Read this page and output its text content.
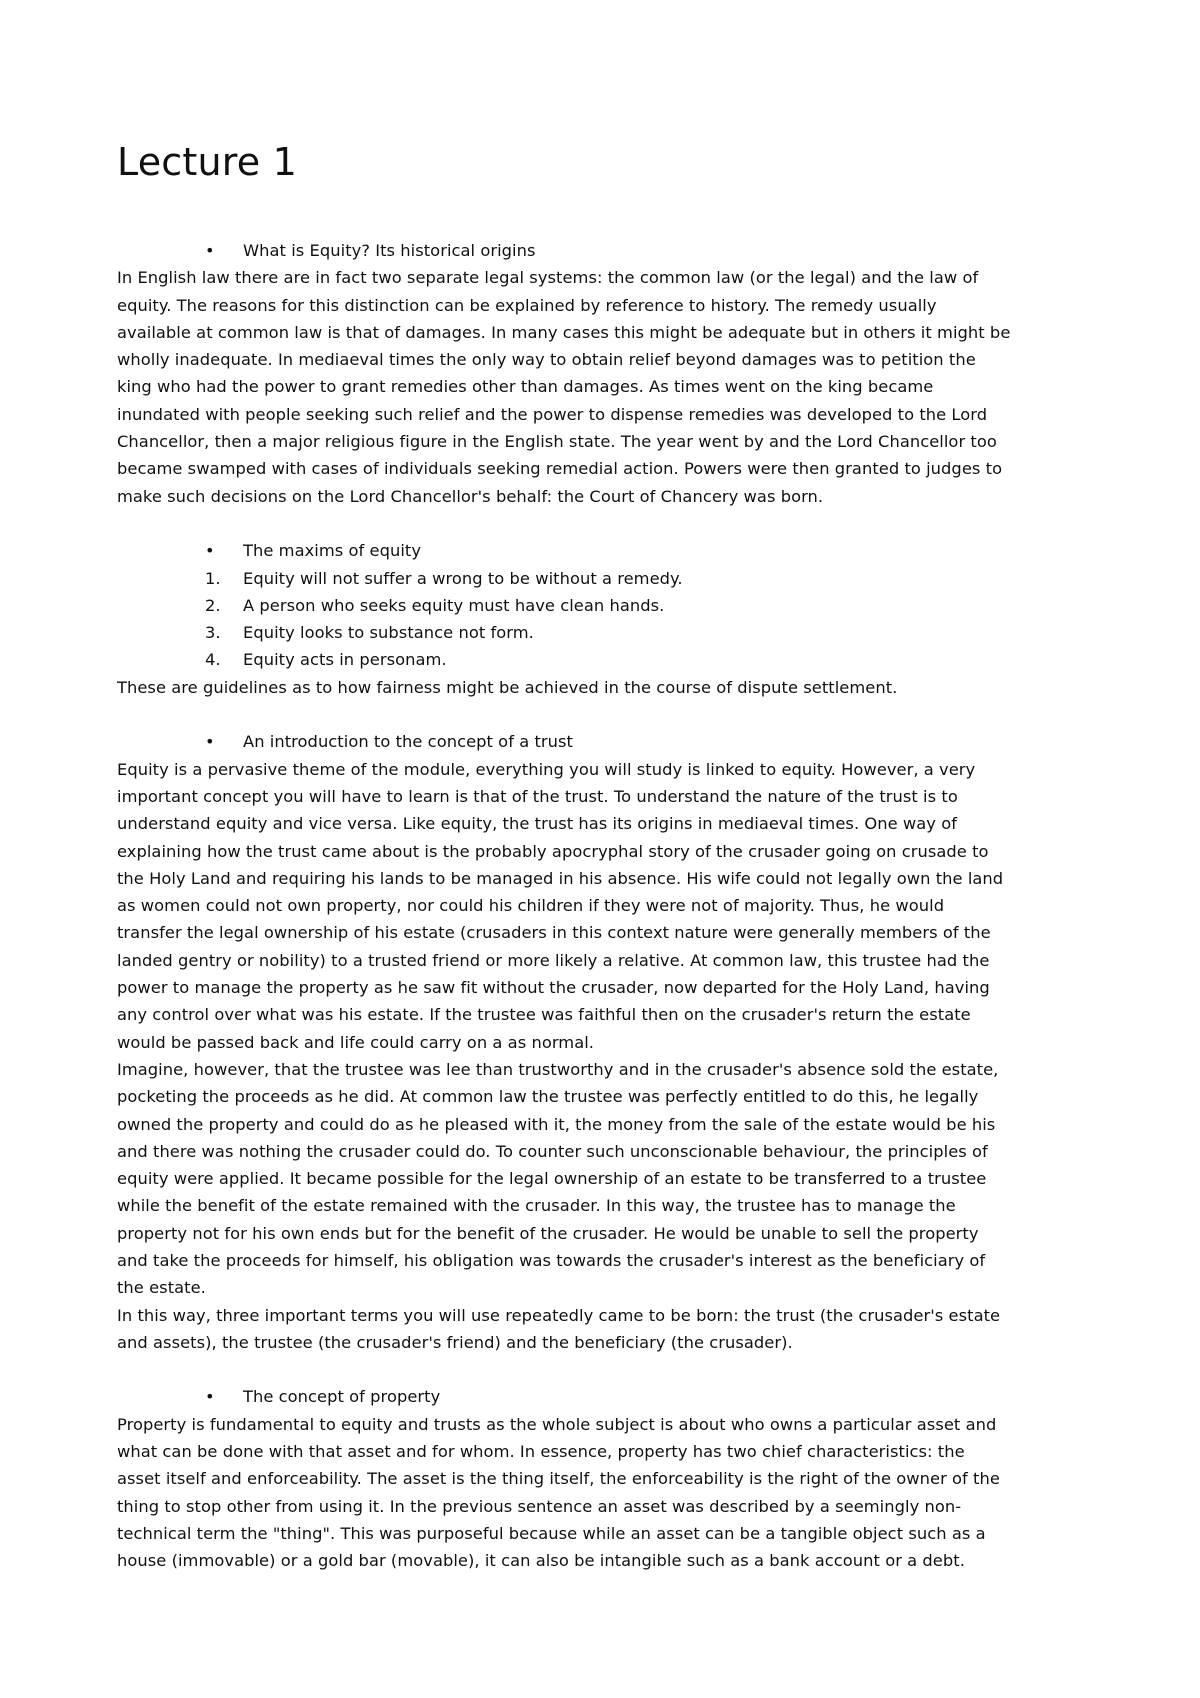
Lecture 1
• What is Equity? Its historical origins
In English law there are in fact two separate legal systems: the common law (or the legal) and the law of
equity. The reasons for this distinction can be explained by reference to history. The remedy usually
available at common law is that of damages. In many cases this might be adequate but in others it might be
wholly inadequate. In mediaeval times the only way to obtain relief beyond damages was to petition the
king who had the power to grant remedies other than damages. As times went on the king became
inundated with people seeking such relief and the power to dispense remedies was developed to the Lord
Chancellor, then a major religious figure in the English state. The year went by and the Lord Chancellor too
became swamped with cases of individuals seeking remedial action. Powers were then granted to judges to
make such decisions on the Lord Chancellor's behalf: the Court of Chancery was born.
• The maxims of equity
1. Equity will not suffer a wrong to be without a remedy.
2. A person who seeks equity must have clean hands.
3. Equity looks to substance not form.
4. Equity acts in personam.
These are guidelines as to how fairness might be achieved in the course of dispute settlement.
• An introduction to the concept of a trust
Equity is a pervasive theme of the module, everything you will study is linked to equity. However, a very
important concept you will have to learn is that of the trust. To understand the nature of the trust is to
understand equity and vice versa. Like equity, the trust has its origins in mediaeval times. One way of
explaining how the trust came about is the probably apocryphal story of the crusader going on crusade to
the Holy Land and requiring his lands to be managed in his absence. His wife could not legally own the land
as women could not own property, nor could his children if they were not of majority. Thus, he would
transfer the legal ownership of his estate (crusaders in this context nature were generally members of the
landed gentry or nobility) to a trusted friend or more likely a relative. At common law, this trustee had the
power to manage the property as he saw fit without the crusader, now departed for the Holy Land, having
any control over what was his estate. If the trustee was faithful then on the crusader's return the estate
would be passed back and life could carry on a as normal.
Imagine, however, that the trustee was lee than trustworthy and in the crusader's absence sold the estate,
pocketing the proceeds as he did. At common law the trustee was perfectly entitled to do this, he legally
owned the property and could do as he pleased with it, the money from the sale of the estate would be his
and there was nothing the crusader could do. To counter such unconscionable behaviour, the principles of
equity were applied. It became possible for the legal ownership of an estate to be transferred to a trustee
while the benefit of the estate remained with the crusader. In this way, the trustee has to manage the
property not for his own ends but for the benefit of the crusader. He would be unable to sell the property
and take the proceeds for himself, his obligation was towards the crusader's interest as the beneficiary of
the estate.
In this way, three important terms you will use repeatedly came to be born: the trust (the crusader's estate
and assets), the trustee (the crusader's friend) and the beneficiary (the crusader).
• The concept of property
Property is fundamental to equity and trusts as the whole subject is about who owns a particular asset and
what can be done with that asset and for whom. In essence, property has two chief characteristics: the
asset itself and enforceability. The asset is the thing itself, the enforceability is the right of the owner of the
thing to stop other from using it. In the previous sentence an asset was described by a seemingly non-
technical term the "thing". This was purposeful because while an asset can be a tangible object such as a
house (immovable) or a gold bar (movable), it can also be intangible such as a bank account or a debt.
